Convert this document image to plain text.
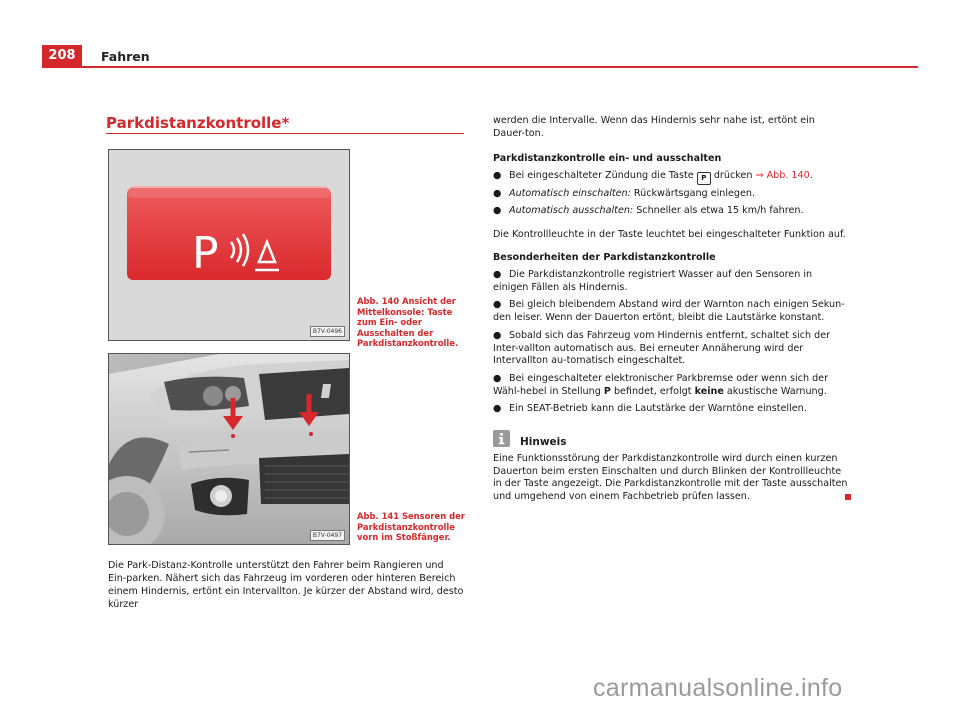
208	Fahren
Parkdistanzkontrolle*
P
B7V-0496
Abb. 140 Ansicht der Mittelkonsole: Taste zum Ein- oder Ausschalten der Parkdistanzkontrolle.
B7V-0497
Abb. 141 Sensoren der Parkdistanzkontrolle vorn im Stoßfänger.
Die Park-Distanz-Kontrolle unterstützt den Fahrer beim Rangieren und Ein-parken. Nähert sich das Fahrzeug im vorderen oder hinteren Bereich einem Hindernis, ertönt ein Intervallton. Je kürzer der Abstand wird, desto kürzer
werden die Intervalle. Wenn das Hindernis sehr nahe ist, ertönt ein Dauer-ton.
Parkdistanzkontrolle ein- und ausschalten
● Bei eingeschalteter Zündung die Taste P drücken ⇒ Abb. 140.
● Automatisch einschalten: Rückwärtsgang einlegen.
● Automatisch ausschalten: Schneller als etwa 15 km/h fahren.
Die Kontrollleuchte in der Taste leuchtet bei eingeschalteter Funktion auf.
Besonderheiten der Parkdistanzkontrolle
● Die Parkdistanzkontrolle registriert Wasser auf den Sensoren in einigen Fällen als Hindernis.
● Bei gleich bleibendem Abstand wird der Warnton nach einigen Sekun-den leiser. Wenn der Dauerton ertönt, bleibt die Lautstärke konstant.
● Sobald sich das Fahrzeug vom Hindernis entfernt, schaltet sich der Inter-vallton automatisch aus. Bei erneuter Annäherung wird der Intervallton au-tomatisch eingeschaltet.
● Bei eingeschalteter elektronischer Parkbremse oder wenn sich der Wähl-hebel in Stellung P befindet, erfolgt keine akustische Warnung.
● Ein SEAT-Betrieb kann die Lautstärke der Warntöne einstellen.
Hinweis
Eine Funktionsstörung der Parkdistanzkontrolle wird durch einen kurzen Dauerton beim ersten Einschalten und durch Blinken der Kontrollleuchte in der Taste angezeigt. Die Parkdistanzkontrolle mit der Taste ausschalten und umgehend von einem Fachbetrieb prüfen lassen.
carmanualsonline.info
